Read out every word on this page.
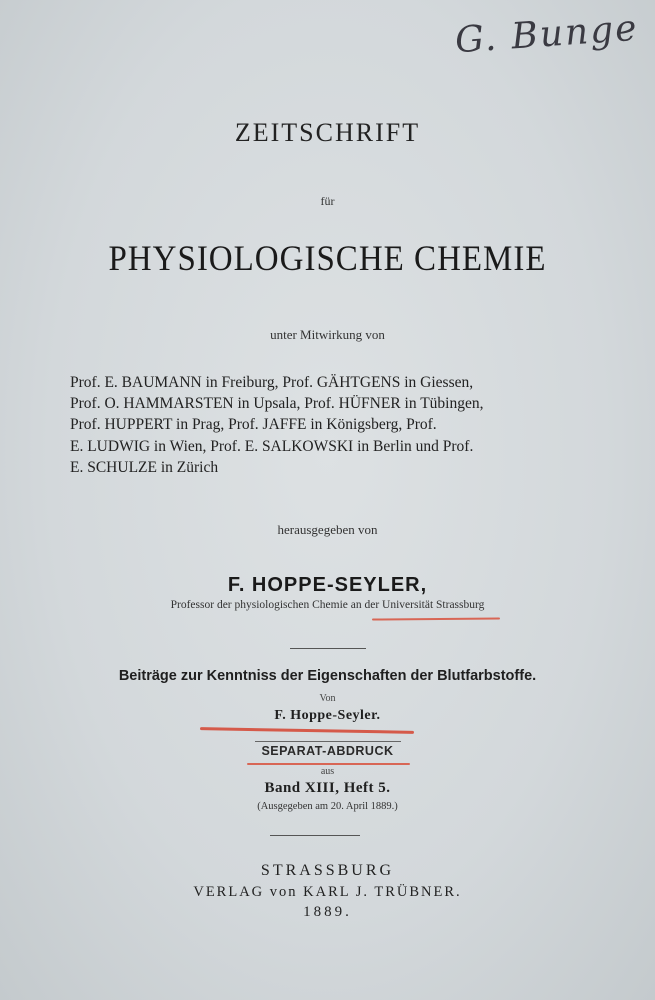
G. Bunge
ZEITSCHRIFT
für
PHYSIOLOGISCHE CHEMIE
unter Mitwirkung von
Prof. E. BAUMANN in Freiburg, Prof. GÄHTGENS in Giessen,
Prof. O. HAMMARSTEN in Upsala, Prof. HÜFNER in Tübingen,
Prof. HUPPERT in Prag, Prof. JAFFE in Königsberg, Prof.
E. LUDWIG in Wien, Prof. E. SALKOWSKI in Berlin und Prof.
E. SCHULZE in Zürich
herausgegeben von
F. HOPPE-SEYLER,
Professor der physiologischen Chemie an der Universität Strassburg
Beiträge zur Kenntniss der Eigenschaften der Blutfarbstoffe.
Von
F. Hoppe-Seyler.
SEPARAT-ABDRUCK
aus
Band XIII, Heft 5.
(Ausgegeben am 20. April 1889.)
STRASSBURG
VERLAG von KARL J. TRÜBNER.
1889.
